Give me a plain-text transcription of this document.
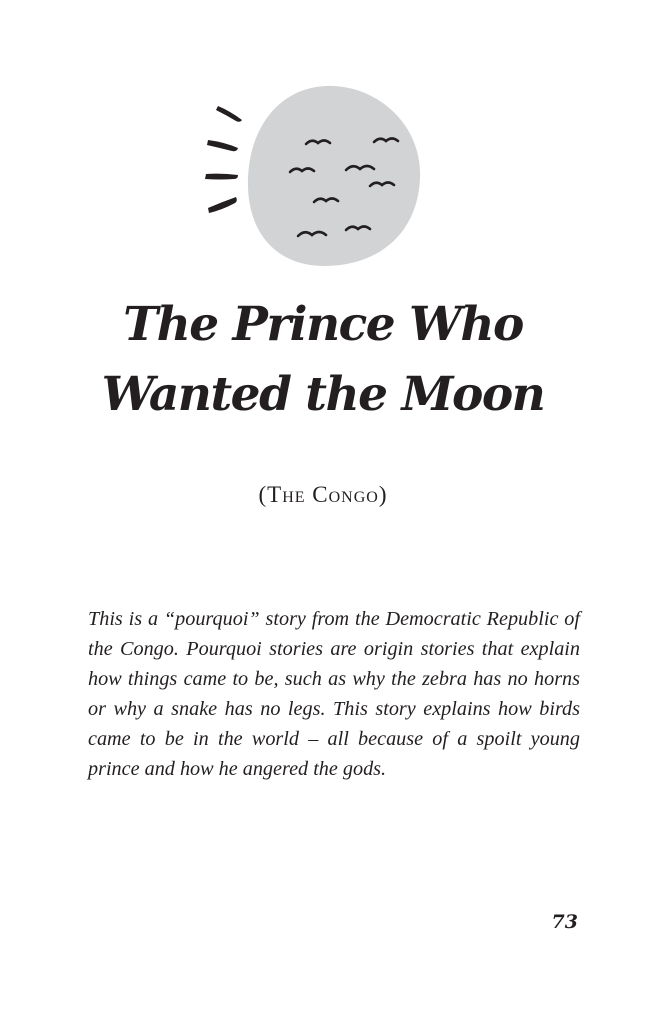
The Prince Who
Wanted the Moon
(The Congo)

This is a “pourquoi” story from the Democratic Republic of the Congo. Pourquoi stories are origin stories that explain how things came to be, such as why the zebra has no horns or why a snake has no legs. This story explains how birds came to be in the world – all because of a spoilt young prince and how he angered the gods.

73
